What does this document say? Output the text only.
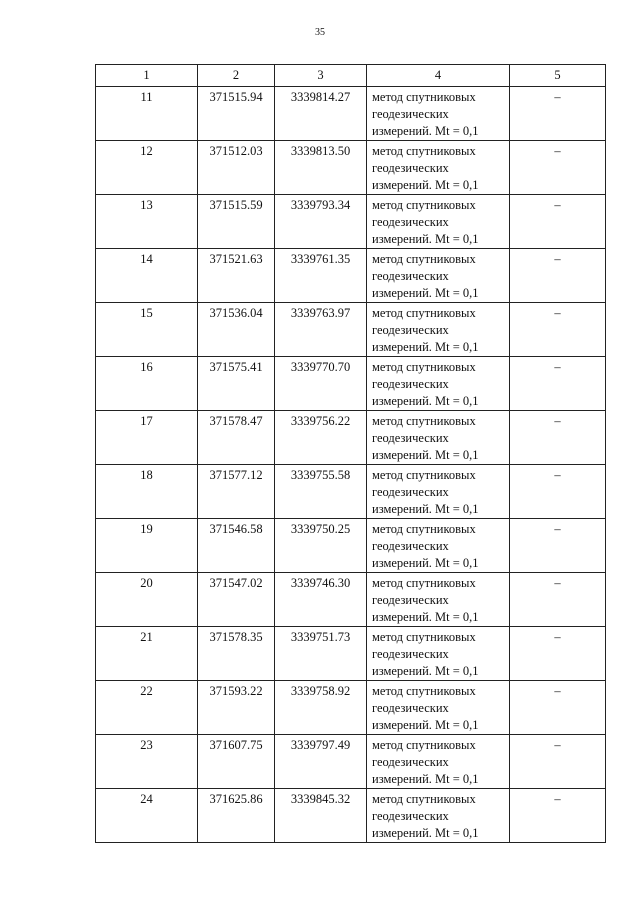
35
1	2	3	4	5
11	371515.94	3339814.27	метод спутниковых
геодезических
измерений. Mt = 0,1	–
12	371512.03	3339813.50	метод спутниковых
геодезических
измерений. Mt = 0,1	–
13	371515.59	3339793.34	метод спутниковых
геодезических
измерений. Mt = 0,1	–
14	371521.63	3339761.35	метод спутниковых
геодезических
измерений. Mt = 0,1	–
15	371536.04	3339763.97	метод спутниковых
геодезических
измерений. Mt = 0,1	–
16	371575.41	3339770.70	метод спутниковых
геодезических
измерений. Mt = 0,1	–
17	371578.47	3339756.22	метод спутниковых
геодезических
измерений. Mt = 0,1	–
18	371577.12	3339755.58	метод спутниковых
геодезических
измерений. Mt = 0,1	–
19	371546.58	3339750.25	метод спутниковых
геодезических
измерений. Mt = 0,1	–
20	371547.02	3339746.30	метод спутниковых
геодезических
измерений. Mt = 0,1	–
21	371578.35	3339751.73	метод спутниковых
геодезических
измерений. Mt = 0,1	–
22	371593.22	3339758.92	метод спутниковых
геодезических
измерений. Mt = 0,1	–
23	371607.75	3339797.49	метод спутниковых
геодезических
измерений. Mt = 0,1	–
24	371625.86	3339845.32	метод спутниковых
геодезических
измерений. Mt = 0,1	–
